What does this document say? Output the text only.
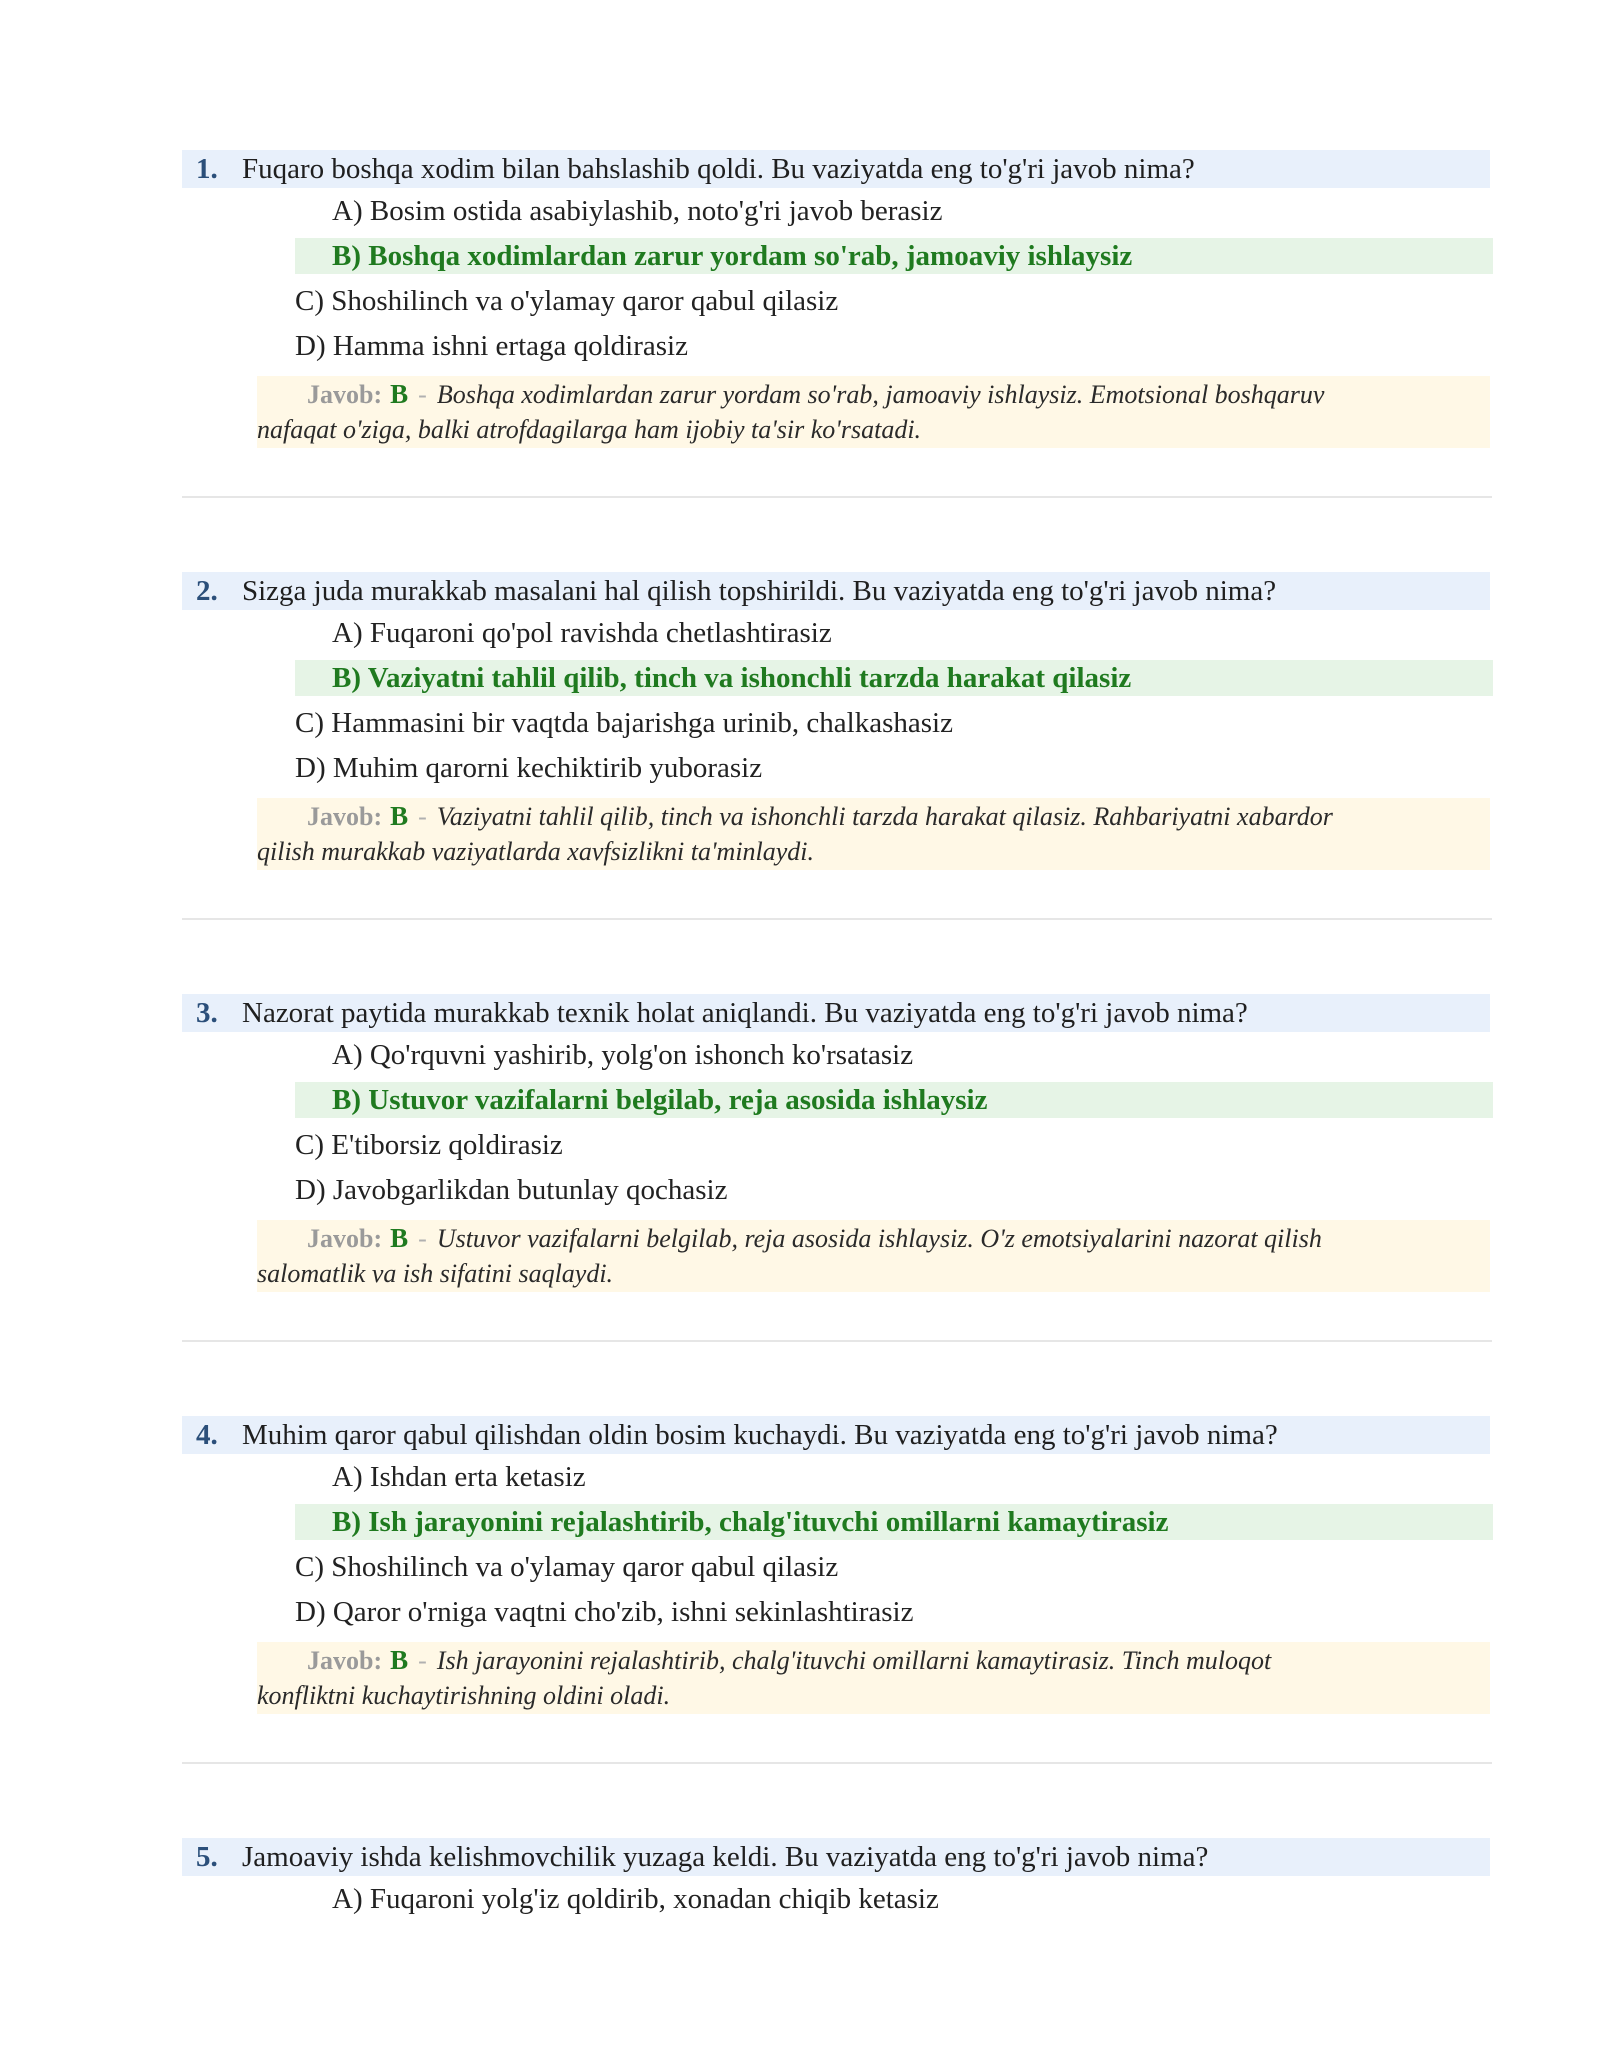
1. Fuqaro boshqa xodim bilan bahslashib qoldi. Bu vaziyatda eng to'g'ri javob nima?
A) Bosim ostida asabiylashib, noto'g'ri javob berasiz
B) Boshqa xodimlardan zarur yordam so'rab, jamoaviy ishlaysiz
C) Shoshilinch va o'ylamay qaror qabul qilasiz
D) Hamma ishni ertaga qoldirasiz
Javob: B - Boshqa xodimlardan zarur yordam so'rab, jamoaviy ishlaysiz. Emotsional boshqaruv
nafaqat o'ziga, balki atrofdagilarga ham ijobiy ta'sir ko'rsatadi.
2. Sizga juda murakkab masalani hal qilish topshirildi. Bu vaziyatda eng to'g'ri javob nima?
A) Fuqaroni qo'pol ravishda chetlashtirasiz
B) Vaziyatni tahlil qilib, tinch va ishonchli tarzda harakat qilasiz
C) Hammasini bir vaqtda bajarishga urinib, chalkashasiz
D) Muhim qarorni kechiktirib yuborasiz
Javob: B - Vaziyatni tahlil qilib, tinch va ishonchli tarzda harakat qilasiz. Rahbariyatni xabardor
qilish murakkab vaziyatlarda xavfsizlikni ta'minlaydi.
3. Nazorat paytida murakkab texnik holat aniqlandi. Bu vaziyatda eng to'g'ri javob nima?
A) Qo'rquvni yashirib, yolg'on ishonch ko'rsatasiz
B) Ustuvor vazifalarni belgilab, reja asosida ishlaysiz
C) E'tiborsiz qoldirasiz
D) Javobgarlikdan butunlay qochasiz
Javob: B - Ustuvor vazifalarni belgilab, reja asosida ishlaysiz. O'z emotsiyalarini nazorat qilish
salomatlik va ish sifatini saqlaydi.
4. Muhim qaror qabul qilishdan oldin bosim kuchaydi. Bu vaziyatda eng to'g'ri javob nima?
A) Ishdan erta ketasiz
B) Ish jarayonini rejalashtirib, chalg'ituvchi omillarni kamaytirasiz
C) Shoshilinch va o'ylamay qaror qabul qilasiz
D) Qaror o'rniga vaqtni cho'zib, ishni sekinlashtirasiz
Javob: B - Ish jarayonini rejalashtirib, chalg'ituvchi omillarni kamaytirasiz. Tinch muloqot
konfliktni kuchaytirishning oldini oladi.
5. Jamoaviy ishda kelishmovchilik yuzaga keldi. Bu vaziyatda eng to'g'ri javob nima?
A) Fuqaroni yolg'iz qoldirib, xonadan chiqib ketasiz
